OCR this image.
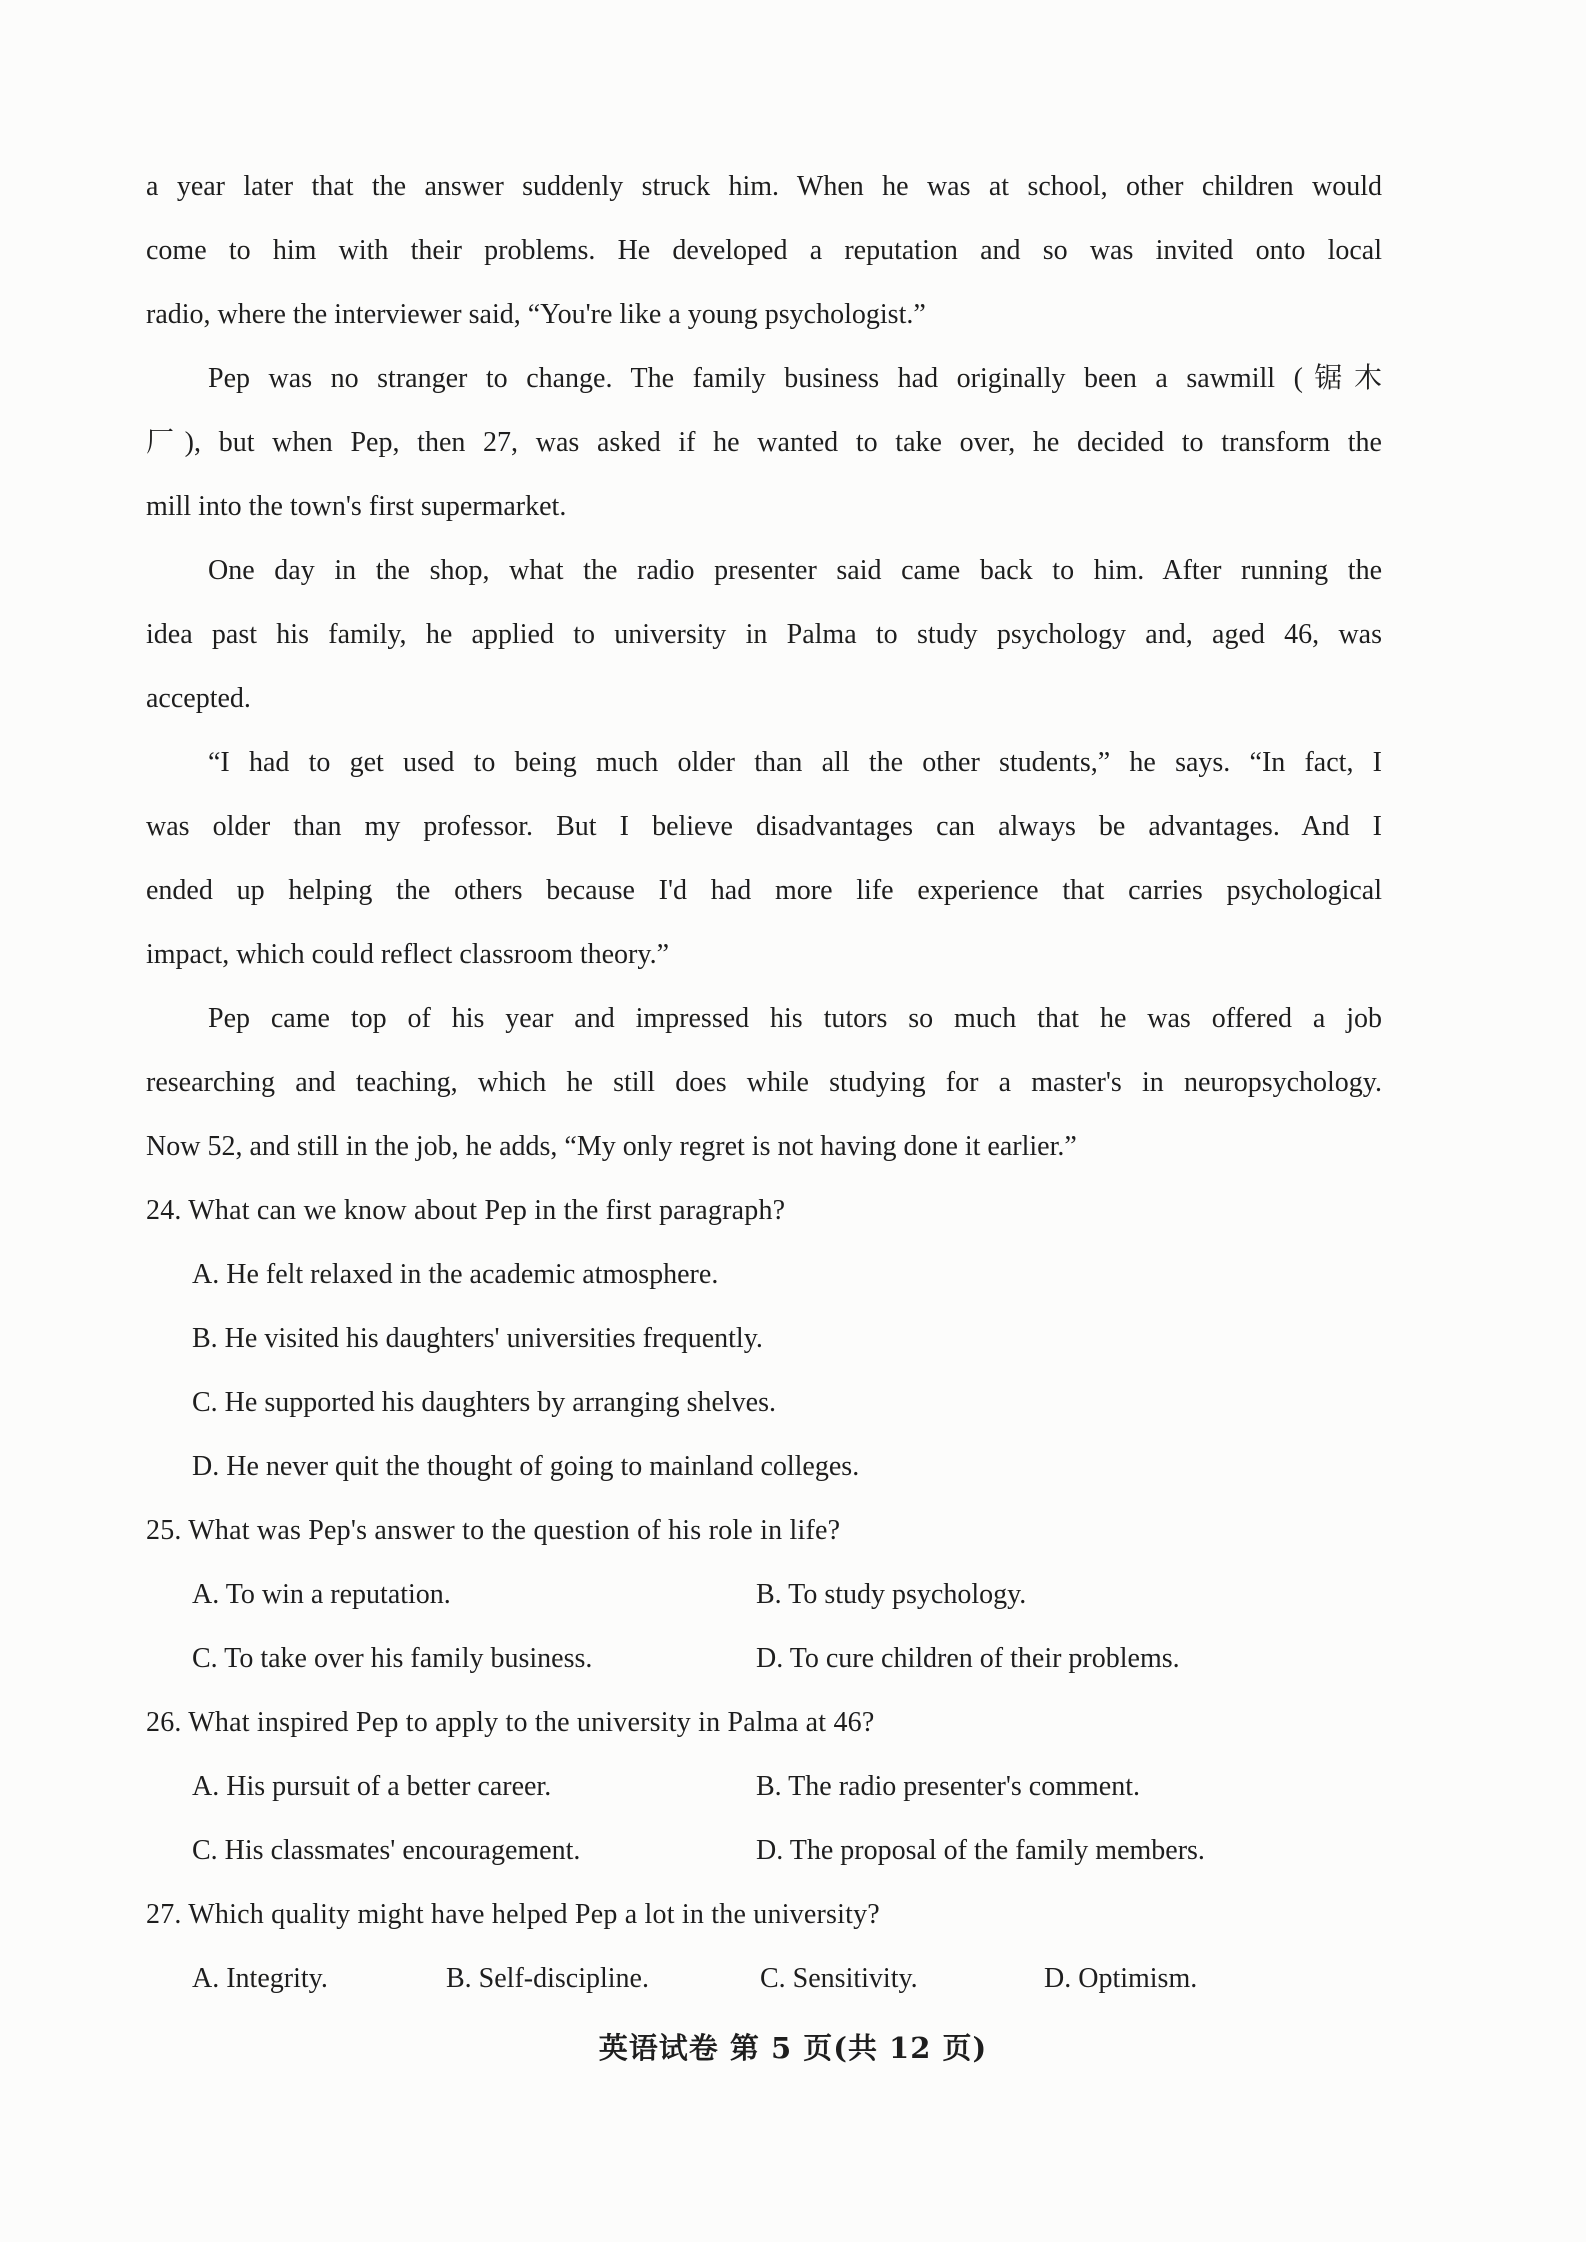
a year later that the answer suddenly struck him. When he was at school, other children would
come to him with their problems. He developed a reputation and so was invited onto local
radio, where the interviewer said, “You're like a young psychologist.”
Pep was no stranger to change. The family business had originally been a sawmill (锯木
厂), but when Pep, then 27, was asked if he wanted to take over, he decided to transform the
mill into the town's first supermarket.
One day in the shop, what the radio presenter said came back to him. After running the
idea past his family, he applied to university in Palma to study psychology and, aged 46, was
accepted.
“I had to get used to being much older than all the other students,” he says. “In fact, I
was older than my professor. But I believe disadvantages can always be advantages. And I
ended up helping the others because I'd had more life experience that carries psychological
impact, which could reflect classroom theory.”
Pep came top of his year and impressed his tutors so much that he was offered a job
researching and teaching, which he still does while studying for a master's in neuropsychology.
Now 52, and still in the job, he adds, “My only regret is not having done it earlier.”
24. What can we know about Pep in the first paragraph?
A. He felt relaxed in the academic atmosphere.
B. He visited his daughters' universities frequently.
C. He supported his daughters by arranging shelves.
D. He never quit the thought of going to mainland colleges.
25. What was Pep's answer to the question of his role in life?
A. To win a reputation.	B. To study psychology.
C. To take over his family business.	D. To cure children of their problems.
26. What inspired Pep to apply to the university in Palma at 46?
A. His pursuit of a better career.	B. The radio presenter's comment.
C. His classmates' encouragement.	D. The proposal of the family members.
27. Which quality might have helped Pep a lot in the university?
A. Integrity.	B. Self-discipline.	C. Sensitivity.	D. Optimism.
英语试卷 第 5 页(共 12 页)
